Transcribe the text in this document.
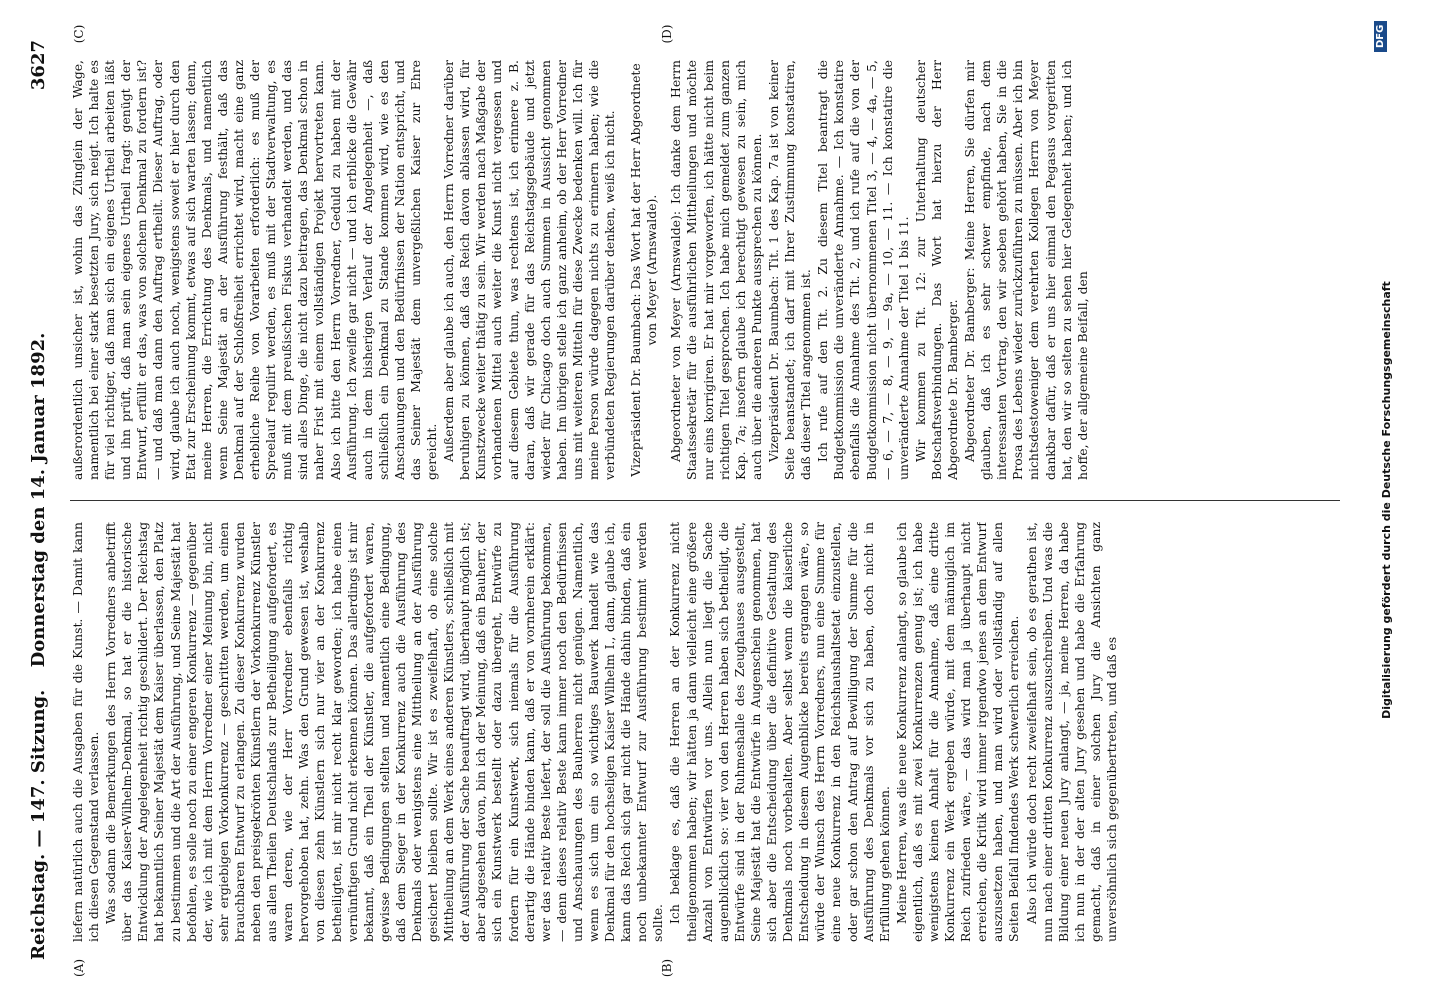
Reichstag. — 147. Sitzung.
Donnerstag den 14. Januar 1892.
3627
(A)	(B)
(C)	(D)

liefern natürlich auch die Ausgaben für die Kunst. — Damit kann ich diesen Gegenstand verlassen. Was sodann die Bemerkungen des Herrn Vorredners anbetrifft über das Kaiser-Wilhelm-Denkmal, so hat er die historische Entwicklung der Angelegenheit richtig geschildert. Der Reichstag hat bekanntlich Seiner Majestät dem Kaiser überlassen, den Platz zu bestimmen und die Art der Ausführung, und Seine Majestät hat befohlen, es solle noch zu einer engeren Konkurrenz — gegenüber der, wie ich mit dem Herrn Vorredner einer Meinung bin, nicht sehr ergiebigen Vorkonkurrenz — geschritten werden, um einen brauchbaren Entwurf zu erlangen. Zu dieser Konkurrenz wurden neben den preisgekrönten Künstlern der Vorkonkurrenz Künstler aus allen Theilen Deutschlands zur Betheiligung aufgefordert, es waren deren, wie der Herr Vorredner ebenfalls richtig hervorgehoben hat, zehn. Was den Grund gewesen ist, weshalb von diesen zehn Künstlern sich nur vier an der Konkurrenz betheiligten, ist mir nicht recht klar geworden; ich habe einen vernünftigen Grund nicht erkennen können. Das allerdings ist mir bekannt, daß ein Theil der Künstler, die aufgefordert waren, gewisse Bedingungen stellten und namentlich eine Bedingung, daß dem Sieger in der Konkurrenz auch die Ausführung des Denkmals oder wenigstens eine Mittheilung an der Ausführung gesichert bleiben sollte. Wir ist es zweifelhaft, ob eine solche Mittheilung an dem Werk eines anderen Künstlers, schließlich mit der Ausführung der Sache beauftragt wird, überhaupt möglich ist; aber abgesehen davon, bin ich der Meinung, daß ein Bauherr, der sich ein Kunstwerk bestellt oder dazu übergeht, Entwürfe zu fordern für ein Kunstwerk, sich niemals für die Ausführung derartig die Hände binden kann, daß er von vornherein erklärt: wer das relativ Beste liefert, der soll die Ausführung bekommen, — denn dieses relativ Beste kann immer noch den Bedürfnissen und Anschauungen des Bauherren nicht genügen. Namentlich, wenn es sich um ein so wichtiges Bauwerk handelt wie das Denkmal für den hochseligen Kaiser Wilhelm I., dann, glaube ich, kann das Reich sich gar nicht die Hände dahin binden, daß ein noch unbekannter Entwurf zur Ausführung bestimmt werden sollte. Ich beklage es, daß die Herren an der Konkurrenz nicht theilgenommen haben; wir hätten ja dann vielleicht eine größere Anzahl von Entwürfen vor uns. Allein nun liegt die Sache augenblicklich so: vier von den Herren haben sich betheiligt, die Entwürfe sind in der Ruhmeshalle des Zeughauses ausgestellt, Seine Majestät hat die Entwürfe in Augenschein genommen, hat sich aber die Entscheidung über die definitive Gestaltung des Denkmals noch vorbehalten. Aber selbst wenn die kaiserliche Entscheidung in diesem Augenblicke bereits ergangen wäre, so würde der Wunsch des Herrn Vorredners, nun eine Summe für eine neue Konkurrenz in den Reichshaushaltsetat einzustellen, oder gar schon den Antrag auf Bewilligung der Summe für die Ausführung des Denkmals vor sich zu haben, doch nicht in Erfüllung gehen können. Meine Herren, was die neue Konkurrenz anlangt, so glaube ich eigentlich, daß es mit zwei Konkurrenzen genug ist; ich habe wenigstens keinen Anhalt für die Annahme, daß eine dritte Konkurrenz ein Werk ergeben würde, mit dem männiglich im Reich zufrieden wäre, — das wird man ja überhaupt nicht erreichen, die Kritik wird immer irgendwo jenes an dem Entwurf auszusetzen haben, und man wird oder vollständig auf allen Seiten Beifall findendes Werk schwerlich erreichen. Also ich würde doch recht zweifelhaft sein, ob es gerathen ist, nun nach einer dritten Konkurrenz auszuschreiben. Und was die Bildung einer neuen Jury anlangt, — ja, meine Herren, da habe ich nun in der der alten Jury gesehen und habe die Erfahrung gemacht, daß in einer solchen Jury die Ansichten ganz unversöhnlich sich gegenübertreten, und daß es

außerordentlich unsicher ist, wohin das Zünglein der Wage, namentlich bei einer stark besetzten Jury, sich neigt. Ich halte es für viel richtiger, daß man sich ein eigenes Urtheil arbeiten läßt und ihn prüft, daß man sein eigenes Urtheil fragt: genügt der Entwurf, erfüllt er das, was von solchem Denkmal zu fordern ist? — und daß man dann den Auftrag ertheilt. Dieser Auftrag, oder wird, glaube ich auch noch, wenigstens soweit er hier durch den Etat zur Erscheinung kommt, etwas auf sich warten lassen; denn, meine Herren, die Errichtung des Denkmals, und namentlich wenn Seine Majestät an der Ausführung festhält, daß das Denkmal auf der Schloßfreiheit errichtet wird, macht eine ganz erhebliche Reihe von Vorarbeiten erforderlich: es muß der Spreelauf regulirt werden, es muß mit der Stadtverwaltung, es muß mit dem preußischen Fiskus verhandelt werden, und das sind alles Dinge, die nicht dazu beitragen, das Denkmal schon in naher Frist mit einem vollständigen Projekt hervortreten kann. Also ich bitte den Herrn Vorredner, Geduld zu haben mit der Ausführung. Ich zweifle gar nicht — und ich erblicke die Gewähr auch in dem bisherigen Verlauf der Angelegenheit —, daß schließlich ein Denkmal zu Stande kommen wird, wie es den Anschauungen und den Bedürfnissen der Nation entspricht, und das Seiner Majestät dem unvergeßlichen Kaiser zur Ehre gereicht. Außerdem aber glaube ich auch, den Herrn Vorredner darüber beruhigen zu können, daß das Reich davon ablassen wird, für Kunstzwecke weiter thätig zu sein. Wir werden nach Maßgabe der vorhandenen Mittel auch weiter die Kunst nicht vergessen und auf diesem Gebiete thun, was rechtens ist, ich erinnere z. B. daran, daß wir gerade für das Reichstagsgebäude und jetzt wieder für Chicago doch auch Summen in Aussicht genommen haben. Im übrigen stelle ich ganz anheim, ob der Herr Vorredner uns mit weiteren Mitteln für diese Zwecke bedenken will. Ich für meine Person würde dagegen nichts zu erinnern haben; wie die verbündeten Regierungen darüber denken, weiß ich nicht. Vizepräsident Dr. Baumbach: Das Wort hat der Herr Abgeordnete von Meyer (Arnswalde). Abgeordneter von Meyer (Arnswalde): Ich danke dem Herrn Staatssekretär für die ausführlichen Mittheilungen und möchte nur eins korrigiren. Er hat mir vorgeworfen, ich hätte nicht beim richtigen Titel gesprochen. Ich habe mich gemeldet zum ganzen Kap. 7a; insofern glaube ich berechtigt gewesen zu sein, mich auch über die anderen Punkte aussprechen zu können. Vizepräsident Dr. Baumbach: Tit. 1 des Kap. 7a ist von keiner Seite beanstandet; ich darf mit Ihrer Zustimmung konstatiren, daß dieser Titel angenommen ist. Ich rufe auf den Tit. 2. Zu diesem Titel beantragt die Budgetkommission die unveränderte Annahme. — Ich konstatire ebenfalls die Annahme des Tit. 2, und ich rufe auf die von der Budgetkommission nicht übernommenen Titel 3, — 4, — 4a, — 5, — 6, — 7, — 8, — 9, — 9a, — 10, — 11. — Ich konstatire die unveränderte Annahme der Titel 1 bis 11. Wir kommen zu Tit. 12: zur Unterhaltung deutscher Botschaftsverbindungen. Das Wort hat hierzu der Herr Abgeordnete Dr. Bamberger. Abgeordneter Dr. Bamberger: Meine Herren, Sie dürfen mir glauben, daß ich es sehr schwer empfinde, nach dem interessanten Vortrag, den wir soeben gehört haben, Sie in die Prosa des Lebens wieder zurückzuführen zu müssen. Aber ich bin nichtsdestoweniger dem verehrten Kollegen Herrn von Meyer dankbar dafür, daß er uns hier einmal den Pegasus vorgeritten hat, den wir so selten zu sehen hier Gelegenheit haben; und ich hoffe, der allgemeine Beifall, den	Digitalisierung gefördert durch die Deutsche Forschungsgemeinschaft
DFG
